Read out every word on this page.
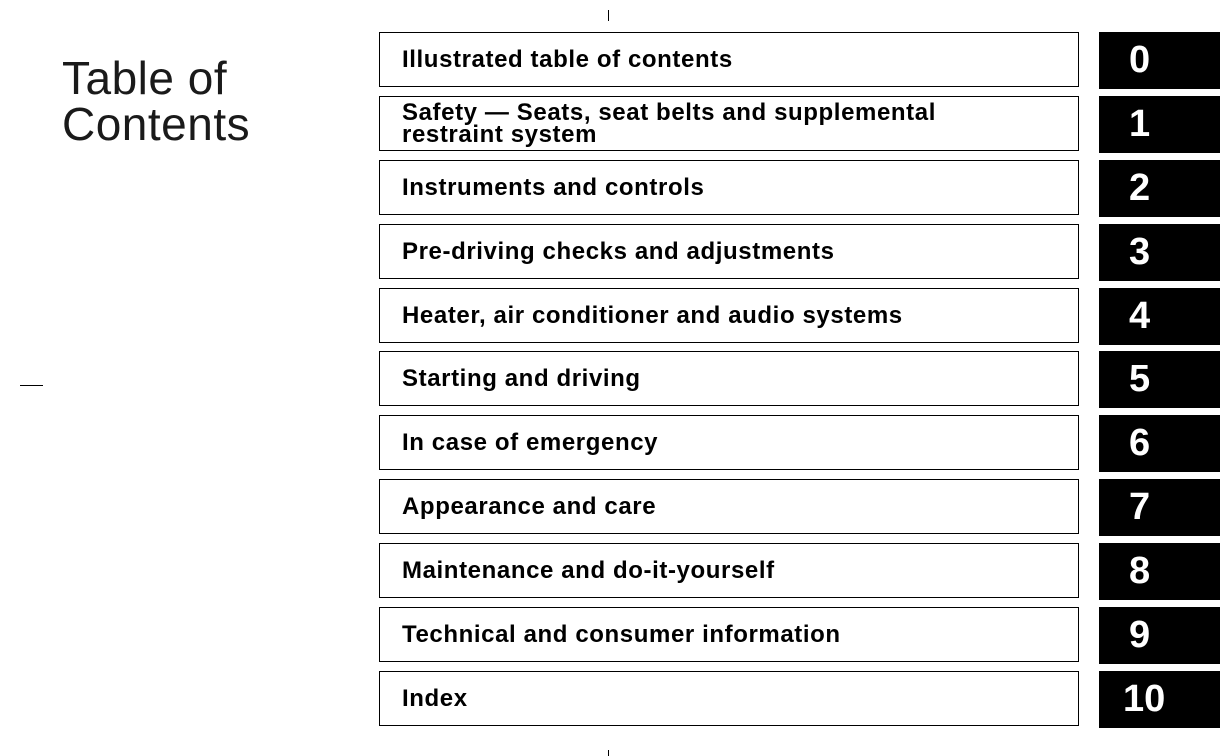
Table of
Contents
Illustrated table of contents	0
Safety — Seats, seat belts and supplemental
restraint system	1
Instruments and controls	2
Pre-driving checks and adjustments	3
Heater, air conditioner and audio systems	4
Starting and driving	5
In case of emergency	6
Appearance and care	7
Maintenance and do-it-yourself	8
Technical and consumer information	9
Index	10
